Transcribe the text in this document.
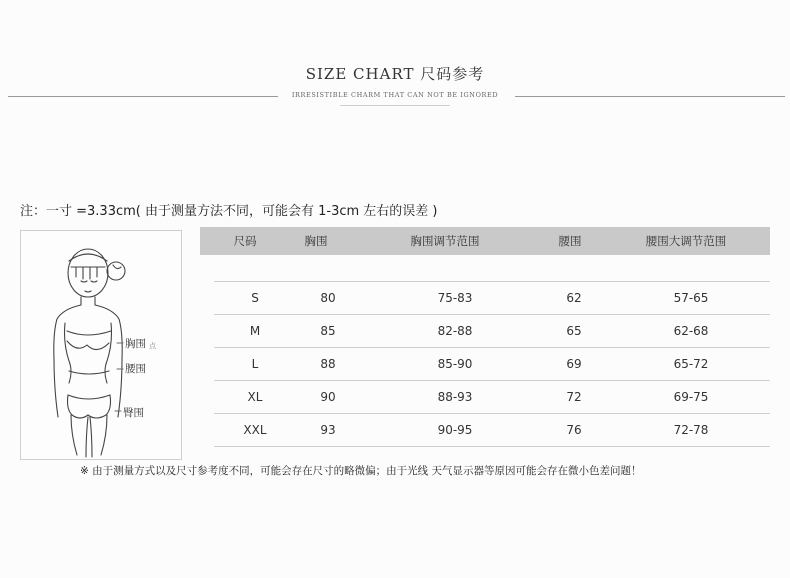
SIZE CHART 尺码参考
IRRESISTIBLE CHARM THAT CAN NOT BE IGNORED
注：一寸 =3.33cm( 由于测量方法不同，可能会有 1-3cm 左右的误差 )
胸围 点
腰围
臀围
尺码	胸围	胸围调节范围	腰围	腰围大调节范围
S	80	75-83	62	57-65
M	85	82-88	65	62-68
L	88	85-90	69	65-72
XL	90	88-93	72	69-75
XXL	93	90-95	76	72-78
※ 由于测量方式以及尺寸参考度不同，可能会存在尺寸的略微偏；由于光线 天气显示器等原因可能会存在微小色差问题！
